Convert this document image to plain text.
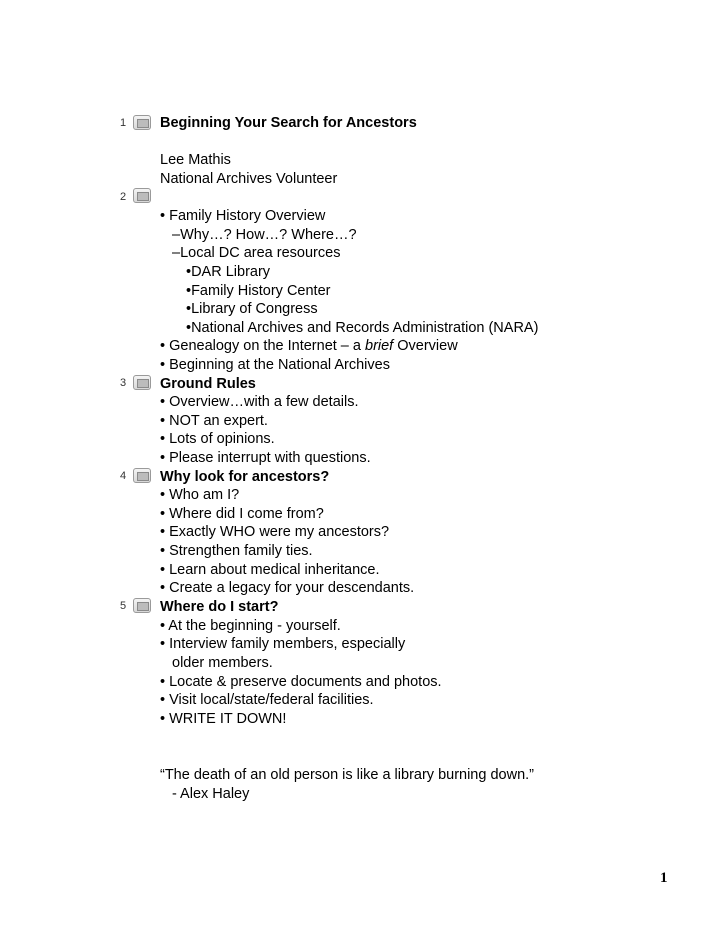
1 Beginning Your Search for Ancestors
Lee Mathis
National Archives Volunteer
2
• Family History Overview
–Why…? How…? Where…?
–Local DC area resources
•DAR Library
•Family History Center
•Library of Congress
•National Archives and Records Administration (NARA)
• Genealogy on the Internet – a brief Overview
• Beginning at the National Archives
3 Ground Rules
• Overview…with a few details.
• NOT an expert.
• Lots of opinions.
• Please interrupt with questions.
4 Why look for ancestors?
• Who am I?
• Where did I come from?
• Exactly WHO were my ancestors?
• Strengthen family ties.
• Learn about medical inheritance.
• Create a legacy for your descendants.
5 Where do I start?
• At the beginning - yourself.
• Interview family members, especially
older members.
• Locate & preserve documents and photos.
• Visit local/state/federal facilities.
• WRITE IT DOWN!
“The death of an old person is like a library burning down.”
- Alex Haley
1
